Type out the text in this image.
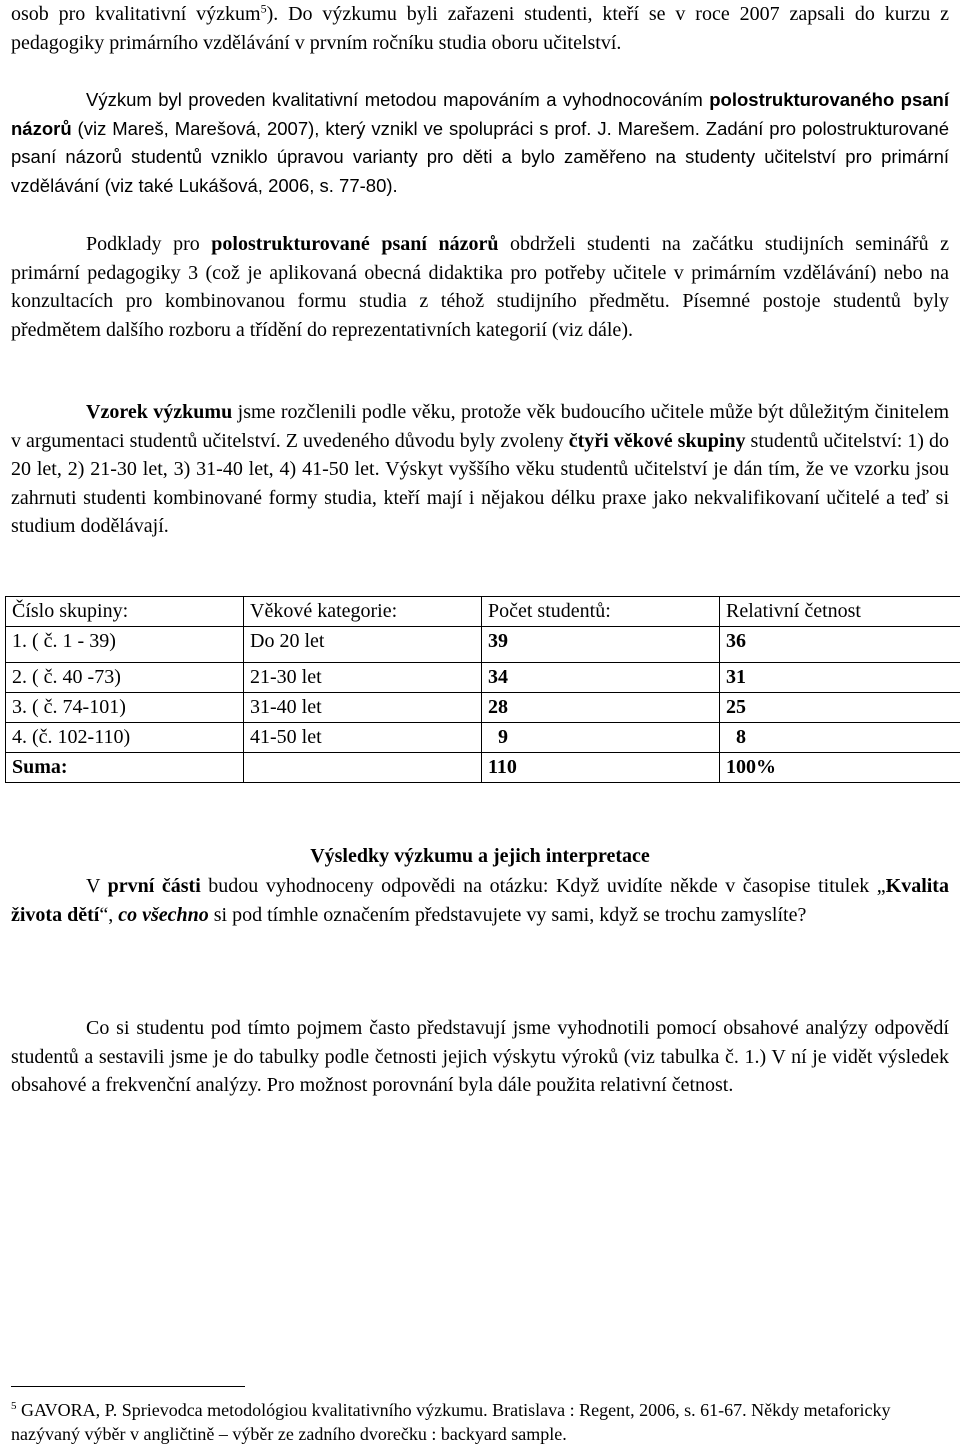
osob pro kvalitativní výzkum$^5$). Do výzkumu byli zařazeni studenti, kteří se v roce 2007 zapsali do kurzu z pedagogiky primárního vzdělávání v prvním ročníku studia oboru učitelství.

Výzkum byl proveden kvalitativní metodou mapováním a vyhodnocováním polostrukturovaného psaní názorů (viz Mareš, Marešová, 2007), který vznikl ve spolupráci s prof. J. Marešem. Zadání pro polostrukturované psaní názorů studentů vzniklo úpravou varianty pro děti a bylo zaměřeno na studenty učitelství pro primární vzdělávání (viz také Lukášová, 2006, s. 77-80).

Podklady pro polostrukturované psaní názorů obdrželi studenti na začátku studijních seminářů z primární pedagogiky 3 (což je aplikovaná obecná didaktika pro potřeby učitele v primárním vzdělávání) nebo na konzultacích pro kombinovanou formu studia z téhož studijního předmětu. Písemné postoje studentů byly předmětem dalšího rozboru a třídění do reprezentativních kategorií (viz dále).

Vzorek výzkumu jsme rozčlenili podle věku, protože věk budoucího učitele může být důležitým činitelem v argumentaci studentů učitelství. Z uvedeného důvodu byly zvoleny čtyři věkové skupiny studentů učitelství: 1) do 20 let, 2) 21-30 let, 3) 31-40 let, 4) 41-50 let. Výskyt vyššího věku studentů učitelství je dán tím, že ve vzorku jsou zahrnuti studenti kombinované formy studia, kteří mají i nějakou délku praxe jako nekvalifikovaní učitelé a teď si studium dodělávají.

Číslo skupiny:	Věkové kategorie:	Počet studentů:	Relativní četnost
1. ( č. 1 - 39)	Do 20 let	39	36
2. ( č. 40 -73)	21-30 let	34	31
3. ( č. 74-101)	31-40 let	28	25
4. (č. 102-110)	41-50 let	9	8
Suma:		110	100%
Výsledky výzkumu a jejich interpretace

V první části budou vyhodnoceny odpovědi na otázku: Když uvidíte někde v časopise titulek „Kvalita života dětí“, co všechno si pod tímhle označením představujete vy sami, když se trochu zamyslíte?

Co si studentu pod tímto pojmem často představují jsme vyhodnotili pomocí obsahové analýzy odpovědí studentů a sestavili jsme je do tabulky podle četnosti jejich výskytu výroků (viz tabulka č. 1.) V ní je vidět výsledek obsahové a frekvenční analýzy. Pro možnost porovnání byla dále použita relativní četnost.

$^5$ GAVORA, P. Sprievodca metodológiou kvalitativního výzkumu. Bratislava : Regent, 2006, s. 61-67. Někdy metaforicky nazývaný výběr v angličtině – výběr ze zadního dvorečku : backyard sample.
